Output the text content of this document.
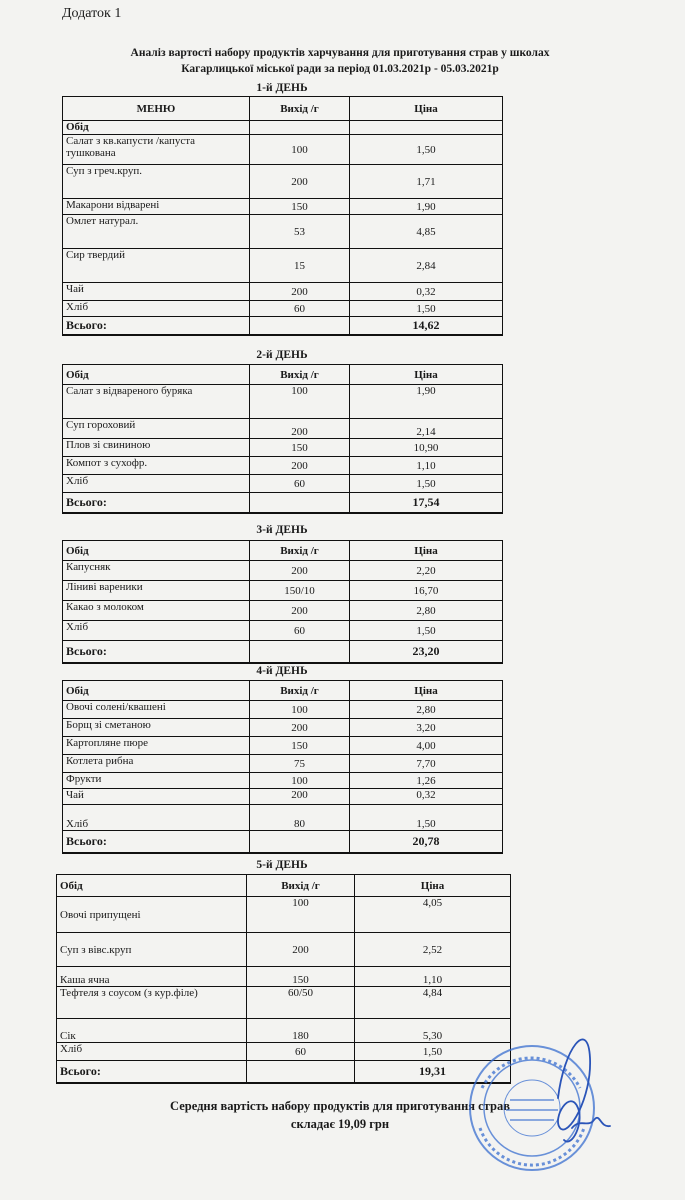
Додаток 1
Аналіз вартості набору продуктів харчування для приготування страв у школах
Кагарлицької міської ради за період 01.03.2021р - 05.03.2021р
1-й ДЕНЬ
МЕНЮ	Вихід /г	Ціна
Обід		
Салат з кв.капусти /капуста тушкована	100	1,50
Суп з греч.круп.	200	1,71
Макарони відварені	150	1,90
Омлет натурал.	53	4,85
Сир твердий	15	2,84
Чай	200	0,32
Хліб	60	1,50
Всього:		14,62
2-й ДЕНЬ
Обід	Вихід /г	Ціна
Салат з відвареного буряка	100	1,90
Суп гороховий	200	2,14
Плов зі свининою	150	10,90
Компот з сухофр.	200	1,10
Хліб	60	1,50
Всього:		17,54
3-й ДЕНЬ
Обід	Вихід /г	Ціна
Капусняк	200	2,20
Ліниві вареники	150/10	16,70
Какао з молоком	200	2,80
Хліб	60	1,50
Всього:		23,20
4-й ДЕНЬ
Обід	Вихід /г	Ціна
Овочі солені/квашені	100	2,80
Борщ зі сметаною	200	3,20
Картопляне пюре	150	4,00
Котлета рибна	75	7,70
Фрукти	100	1,26
Чай	200	0,32
Хліб	80	1,50
Всього:		20,78
5-й ДЕНЬ
Обід	Вихід /г	Ціна
Овочі припущені	100	4,05
Суп з вівс.круп	200	2,52
Каша ячна	150	1,10
Тефтеля з соусом (з кур.філе)	60/50	4,84
Сік	180	5,30
Хліб	60	1,50
Всього:		19,31
Середня вартість набору продуктів для приготування страв
складає 19,09 грн
